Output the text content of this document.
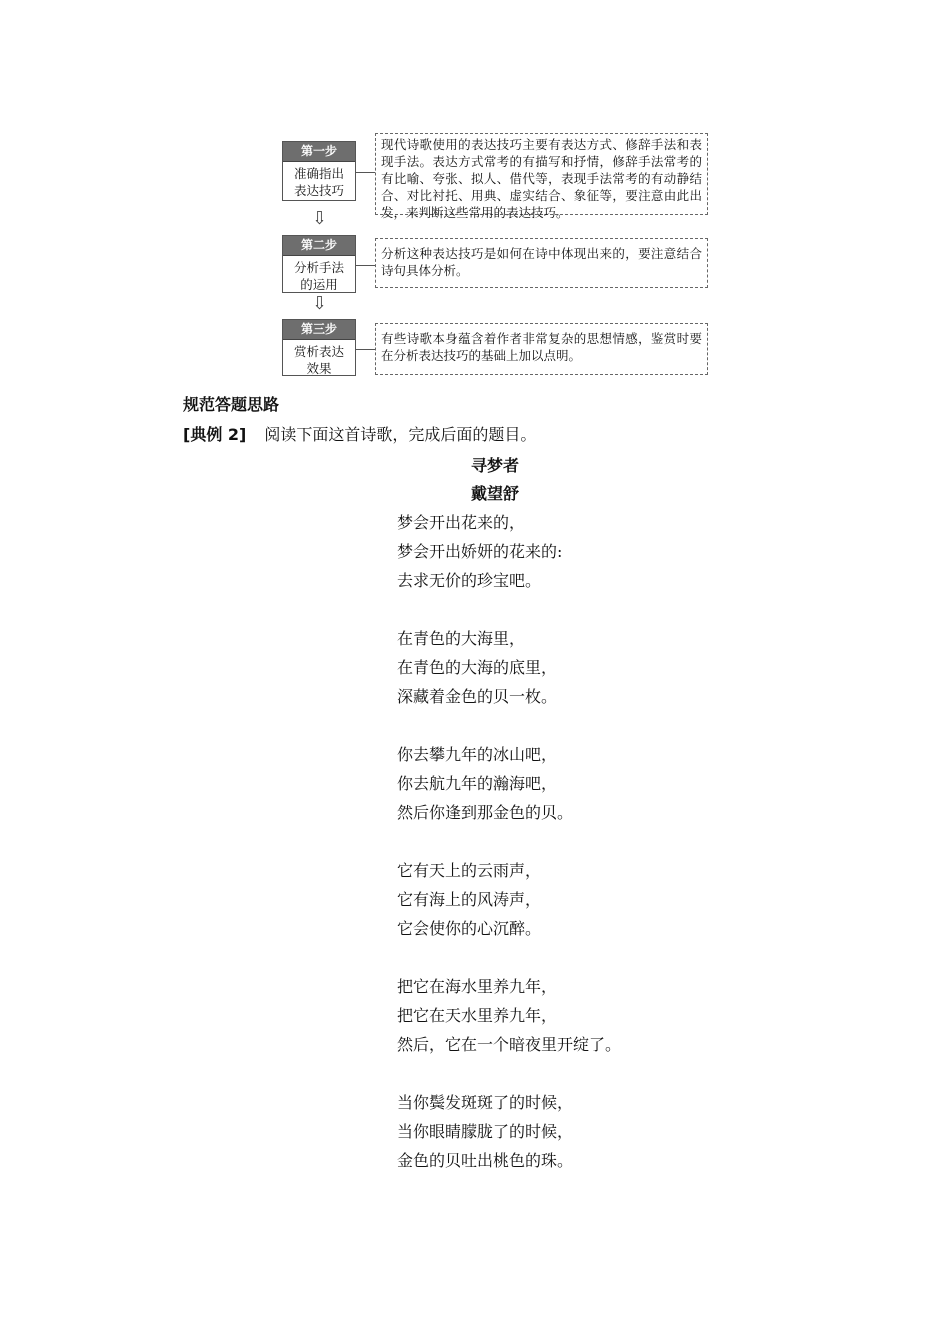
第一步
准确指出
表达技巧
现代诗歌使用的表达技巧主要有表达方式、修辞手法和表现手法。表达方式常考的有描写和抒情，修辞手法常考的有比喻、夸张、拟人、借代等，表现手法常考的有动静结合、对比衬托、用典、虚实结合、象征等，要注意由此出发，来判断这些常用的表达技巧。
⇩
第二步
分析手法
的运用
分析这种表达技巧是如何在诗中体现出来的，要注意结合诗句具体分析。
⇩
第三步
赏析表达
效果
有些诗歌本身蕴含着作者非常复杂的思想情感，鉴赏时要在分析表达技巧的基础上加以点明。
规范答题思路
[典例 2] 阅读下面这首诗歌，完成后面的题目。
寻梦者
戴望舒
梦会开出花来的，
梦会开出娇妍的花来的:
去求无价的珍宝吧。
在青色的大海里，
在青色的大海的底里，
深藏着金色的贝一枚。
你去攀九年的冰山吧，
你去航九年的瀚海吧，
然后你逢到那金色的贝。
它有天上的云雨声，
它有海上的风涛声，
它会使你的心沉醉。
把它在海水里养九年，
把它在天水里养九年，
然后，它在一个暗夜里开绽了。
当你鬓发斑斑了的时候，
当你眼睛朦胧了的时候，
金色的贝吐出桃色的珠。
